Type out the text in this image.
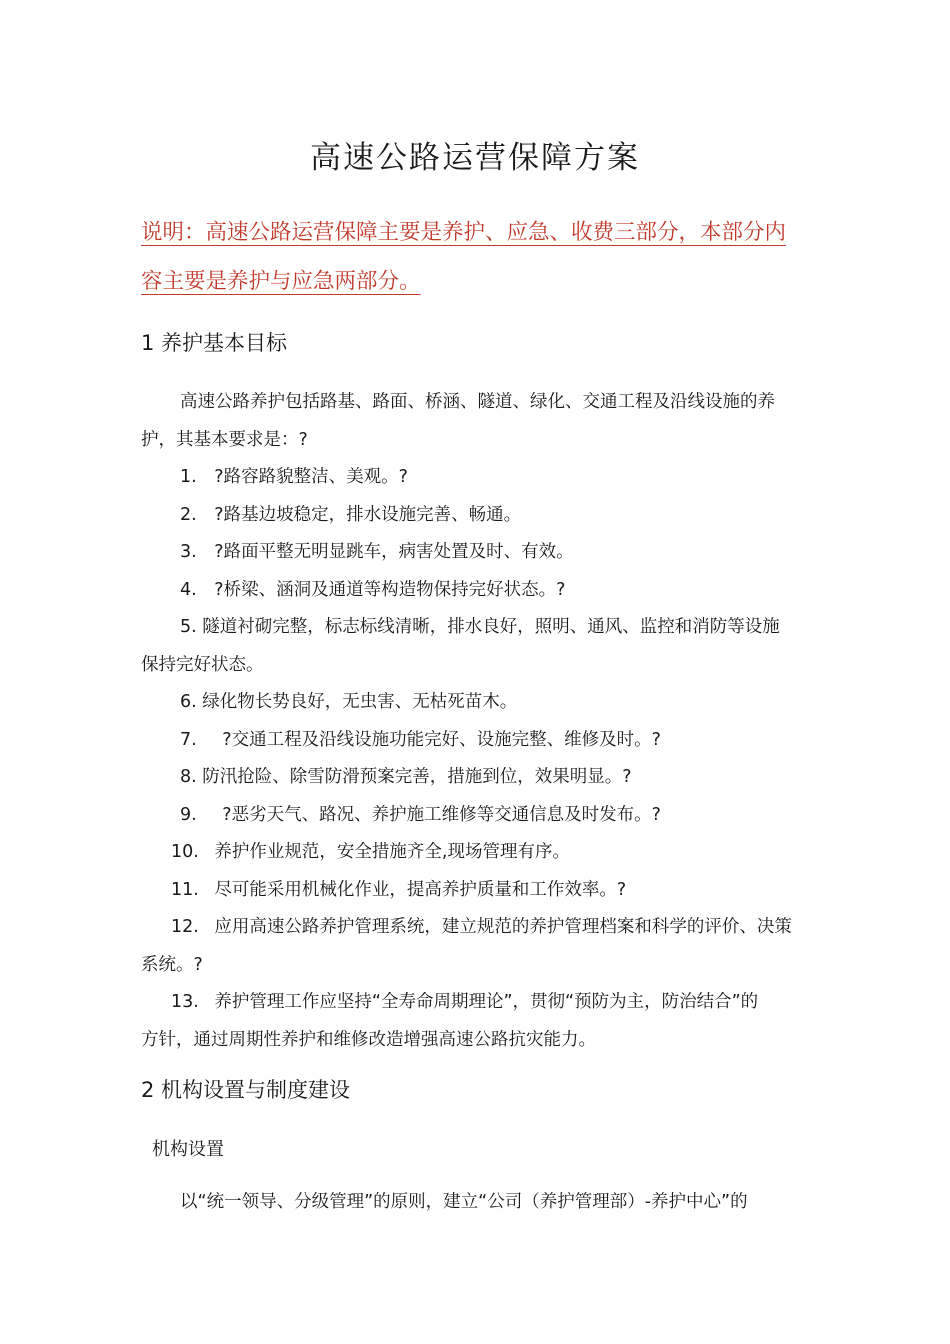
高速公路运营保障方案
说明：高速公路运营保障主要是养护、应急、收费三部分，本部分内
容主要是养护与应急两部分。
1 养护基本目标
高速公路养护包括路基、路面、桥涵、隧道、绿化、交通工程及沿线设施的养
护，其基本要求是：?
1. ?路容路貌整洁、美观。?
2. ?路基边坡稳定，排水设施完善、畅通。
3. ?路面平整无明显跳车，病害处置及时、有效。
4. ?桥梁、涵洞及通道等构造物保持完好状态。?
5. 隧道衬砌完整，标志标线清晰，排水良好，照明、通风、监控和消防等设施
保持完好状态。
6. 绿化物长势良好，无虫害、无枯死苗木。
7. ?交通工程及沿线设施功能完好、设施完整、维修及时。?
8. 防汛抢险、除雪防滑预案完善，措施到位，效果明显。?
9. ?恶劣天气、路况、养护施工维修等交通信息及时发布。?
10. 养护作业规范，安全措施齐全,现场管理有序。
11. 尽可能采用机械化作业，提高养护质量和工作效率。?
12. 应用高速公路养护管理系统，建立规范的养护管理档案和科学的评价、决策
系统。?
13. 养护管理工作应坚持“全寿命周期理论”，贯彻“预防为主，防治结合”的
方针，通过周期性养护和维修改造增强高速公路抗灾能力。
2 机构设置与制度建设
机构设置
以“统一领导、分级管理”的原则，建立“公司（养护管理部）-养护中心”的
